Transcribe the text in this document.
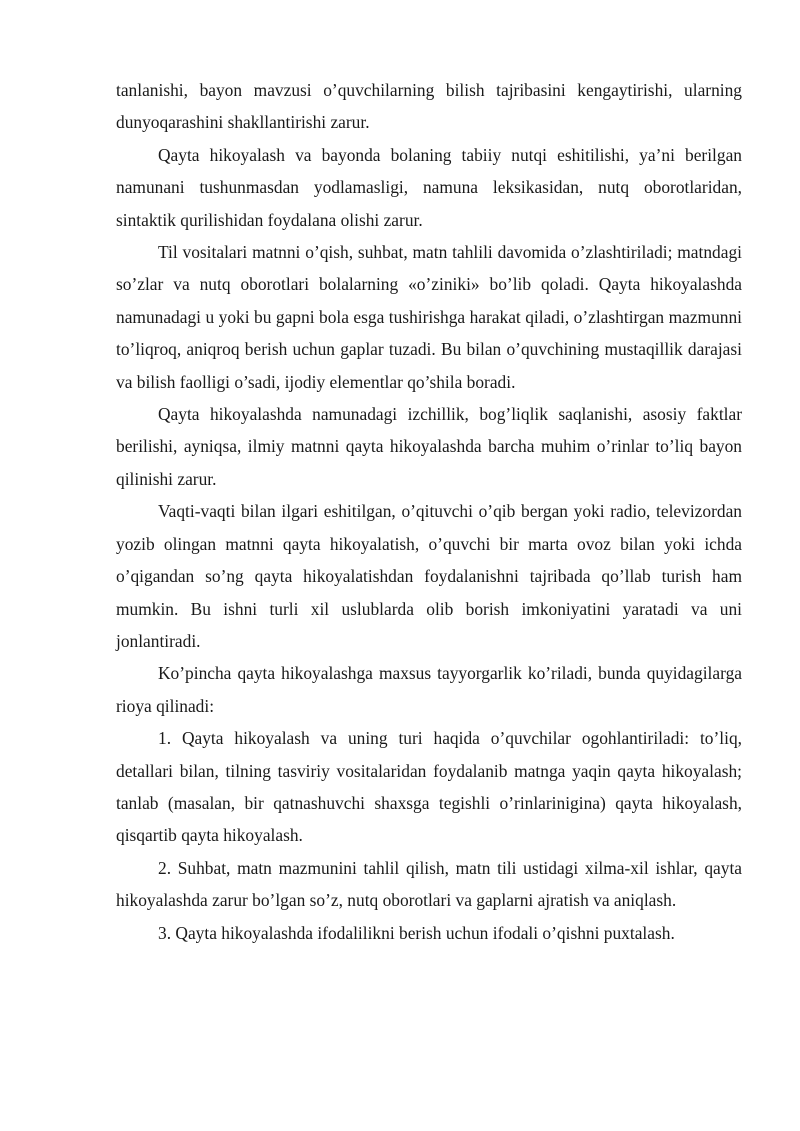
tanlanishi, bayon mavzusi o’quvchilarning bilish tajribasini kengaytirishi, ularning dunyoqarashini shakllantirishi zarur.

Qayta hikoyalash va bayonda bolaning tabiiy nutqi eshitilishi, ya’ni berilgan namunani tushunmasdan yodlamasligi, namuna leksikasidan, nutq oborotlaridan, sintaktik qurilishidan foydalana olishi zarur.

Til vositalari matnni o’qish, suhbat, matn tahlili davomida o’zlashtiriladi; matndagi so’zlar va nutq oborotlari bolalarning «o’ziniki» bo’lib qoladi. Qayta hikoyalashda namunadagi u yoki bu gapni bola esga tushirishga harakat qiladi, o’zlashtirgan mazmunni to’liqroq, aniqroq berish uchun gaplar tuzadi. Bu bilan o’quvchining mustaqillik darajasi va bilish faolligi o’sadi, ijodiy elementlar qo’shila boradi.

Qayta hikoyalashda namunadagi izchillik, bog’liqlik saqlanishi, asosiy faktlar berilishi, ayniqsa, ilmiy matnni qayta hikoyalashda barcha muhim o’rinlar to’liq bayon qilinishi zarur.

Vaqti-vaqti bilan ilgari eshitilgan, o’qituvchi o’qib bergan yoki radio, televizordan yozib olingan matnni qayta hikoyalatish, o’quvchi bir marta ovoz bilan yoki ichda o’qigandan so’ng qayta hikoyalatishdan foydalanishni tajribada qo’llab turish ham mumkin. Bu ishni turli xil uslublarda olib borish imkoniyatini yaratadi va uni jonlantiradi.

Ko’pincha qayta hikoyalashga maxsus tayyorgarlik ko’riladi, bunda quyidagilarga rioya qilinadi:

1. Qayta hikoyalash va uning turi haqida o’quvchilar ogohlantiriladi: to’liq, detallari bilan, tilning tasviriy vositalaridan foydalanib matnga yaqin qayta hikoyalash; tanlab (masalan, bir qatnashuvchi shaxsga tegishli o’rinlarinigina) qayta hikoyalash, qisqartib qayta hikoyalash.

2. Suhbat, matn mazmunini tahlil qilish, matn tili ustidagi xilma-xil ishlar, qayta hikoyalashda zarur bo’lgan so’z, nutq oborotlari va gaplarni ajratish va aniqlash.

3. Qayta hikoyalashda ifodalilikni berish uchun ifodali o’qishni puxtalash.
